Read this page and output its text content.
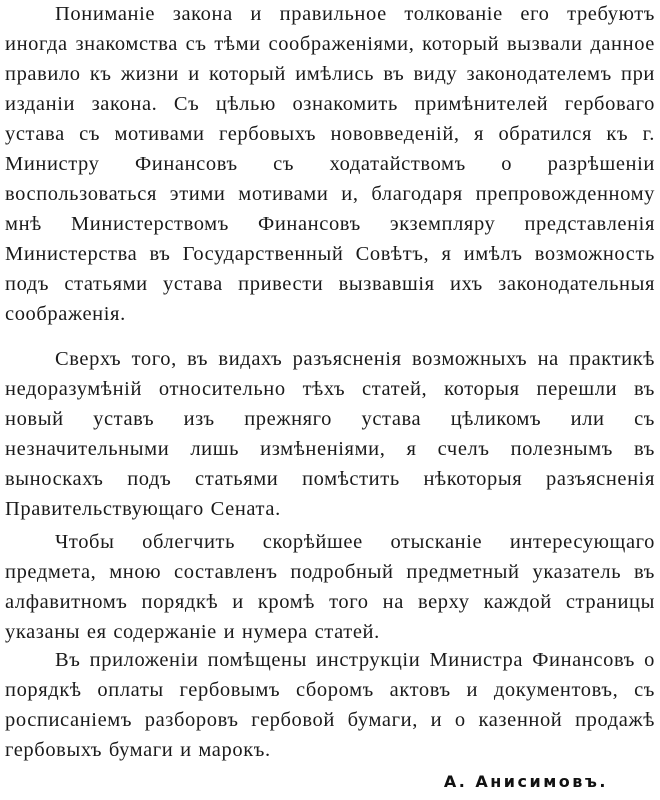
Пониманіе закона и правильное толкованіе его требуютъ иногда знакомства съ тѣми соображеніями, который вызвали данное правило къ жизни и который имѣлись въ виду законодателемъ при изданіи закона. Съ цѣлью ознакомить примѣнителей гербоваго устава съ мотивами гербовыхъ нововведеній, я обратился къ г. Министру Финансовъ съ ходатайствомъ о разрѣшеніи воспользоваться этими мотивами и, благодаря препровожденному мнѣ Министерствомъ Финансовъ экземпляру представленія Министерства въ Государственный Совѣтъ, я имѣлъ возможность подъ статьями устава привести вызвавшія ихъ законодательныя соображенія.

Сверхъ того, въ видахъ разъясненія возможныхъ на практикѣ недоразумѣній относительно тѣхъ статей, которыя перешли въ новый уставъ изъ прежняго устава цѣликомъ или съ незначительными лишь измѣненіями, я счелъ полезнымъ въ выноскахъ подъ статьями помѣстить нѣкоторыя разъясненія Правительствующаго Сената.

Чтобы облегчить скорѣйшее отысканіе интересующаго предмета, мною составленъ подробный предметный указатель въ алфавитномъ порядкѣ и кромѣ того на верху каждой страницы указаны ея содержаніе и нумера статей.

Въ приложеніи помѣщены инструкціи Министра Финансовъ о порядкѣ оплаты гербовымъ сборомъ актовъ и документовъ, съ росписаніемъ разборовъ гербовой бумаги, и о казенной продажѣ гербовыхъ бумаги и марокъ.

А. Анисимовъ.
